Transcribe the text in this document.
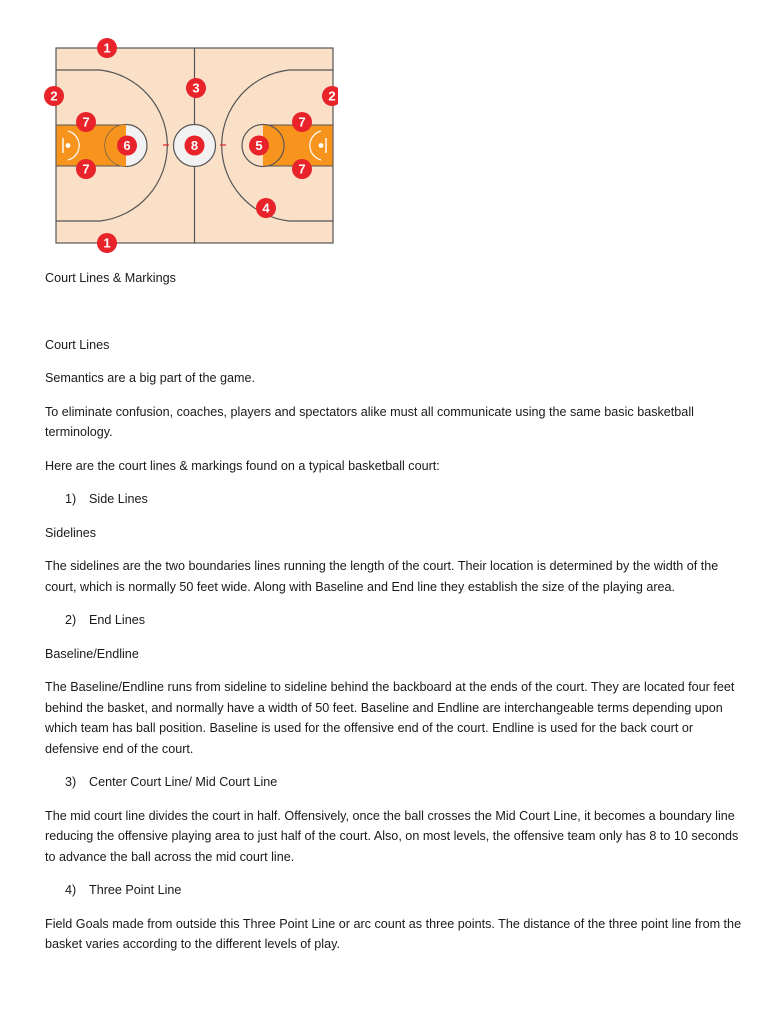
1
1
2	2
3
7
7
7
7
6	8	5
4

Court Lines & Markings

Court Lines

Semantics are a big part of the game.

To eliminate confusion, coaches, players and spectators alike must all communicate using the same basic basketball terminology.

Here are the court lines & markings found on a typical basketball court:

1) Side Lines

Sidelines

The sidelines are the two boundaries lines running the length of the court. Their location is determined by the width of the court, which is normally 50 feet wide. Along with Baseline and End line they establish the size of the playing area.

2) End Lines

Baseline/Endline

The Baseline/Endline runs from sideline to sideline behind the backboard at the ends of the court. They are located four feet behind the basket, and normally have a width of 50 feet. Baseline and Endline are interchangeable terms depending upon which team has ball position. Baseline is used for the offensive end of the court. Endline is used for the back court or defensive end of the court.

3) Center Court Line/ Mid Court Line

The mid court line divides the court in half. Offensively, once the ball crosses the Mid Court Line, it becomes a boundary line reducing the offensive playing area to just half of the court. Also, on most levels, the offensive team only has 8 to 10 seconds to advance the ball across the mid court line.

4) Three Point Line

Field Goals made from outside this Three Point Line or arc count as three points. The distance of the three point line from the basket varies according to the different levels of play.
